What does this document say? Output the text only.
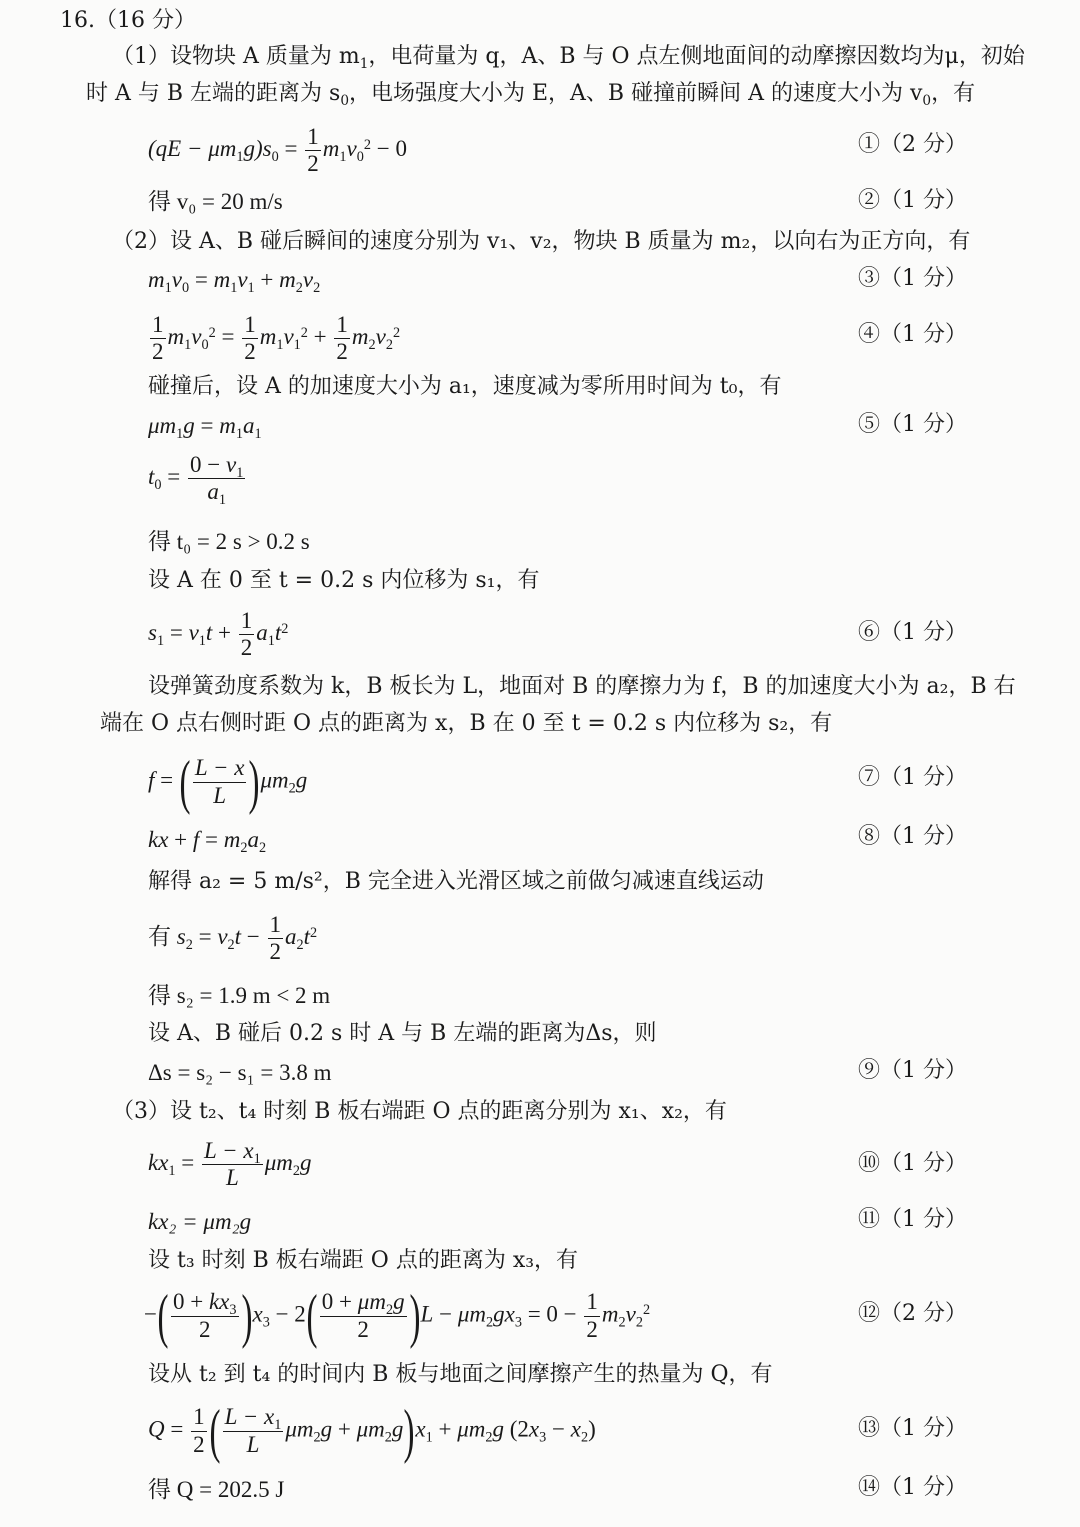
16.（16 分）
（1）设物块 A 质量为 $m_1$，电荷量为 q，A、B 与 O 点左侧地面间的动摩擦因数均为μ，初始
时 A 与 B 左端的距离为 $s_0$，电场强度大小为 E，A、B 碰撞前瞬间 A 的速度大小为 $v_0$，有
$(qE - \mu m_1g)s_0 = \frac{1}{2} m_1v_0^2 - 0$	①（2 分）
得 v₀ = 20 m/s	②（1 分）
（2）设 A、B 碰后瞬间的速度分别为 v₁、v₂，物块 B 质量为 m₂，以向右为正方向，有
$m_1v_0 = m_1v_1 + m_2v_2$	③（1 分）
$\frac{1}{2} m_1v_0^2 = \frac{1}{2} m_1v_1^2 + \frac{1}{2} m_2v_2^2$	④（1 分）
碰撞后，设 A 的加速度大小为 a₁，速度减为零所用时间为 t₀，有
$\mu m_1g = m_1a_1$	⑤（1 分）
$t_0 = \frac{0 - v_1}{a_1}$
得 t₀ = 2 s > 0.2 s
设 A 在 0 至 t = 0.2 s 内位移为 s₁，有
$s_1 = v_1t + \frac{1}{2} a_1t^2$	⑥（1 分）
设弹簧劲度系数为 k，B 板长为 L，地面对 B 的摩擦力为 f，B 的加速度大小为 a₂，B 右
端在 O 点右侧时距 O 点的距离为 x，B 在 0 至 t = 0.2 s 内位移为 s₂，有
f = ( $\frac{L - x}{L} )\mu m_2g$	⑦（1 分）
kx + $f = m_2a_2$	⑧（1 分）
解得 a₂ = 5 m/s²，B 完全进入光滑区域之前做匀减速直线运动
有 $s_2 = v_2t - \frac{1}{2} a_2t^2$
得 s₂ = 1.9 m < 2 m
设 A、B 碰后 0.2 s 时 A 与 B 左端的距离为Δs，则
Δs = s₂ − s₁ = 3.8 m	⑨（1 分）
（3）设 t₂、t₄ 时刻 B 板右端距 O 点的距离分别为 x₁、x₂，有
$kx_1 = \frac{L - x_1}{L} \mu m_2g$	⑩（1 分）
kx₂ = μm₂g	⑪（1 分）
设 t₃ 时刻 B 板右端距 O 点的距离为 x₃，有
−( $\frac{0 + kx_3}{2} )x_3 - 2( \frac{0 + \mu m_2g}{2} )L - \mu m_2gx_3 = 0 - \frac{1}{2} m_2v_2^2$	⑫（2 分）
设从 t₂ 到 t₄ 的时间内 B 板与地面之间摩擦产生的热量为 Q，有
$Q = \frac{1}{2}$ ( $\frac{L - x_1}{L} \mu m_2g + \mu m_2g)x_1 + \mu m_2g$ $(2x_3 - x_2)$	⑬（1 分）
得 Q = 202.5 J	⑭（1 分）
